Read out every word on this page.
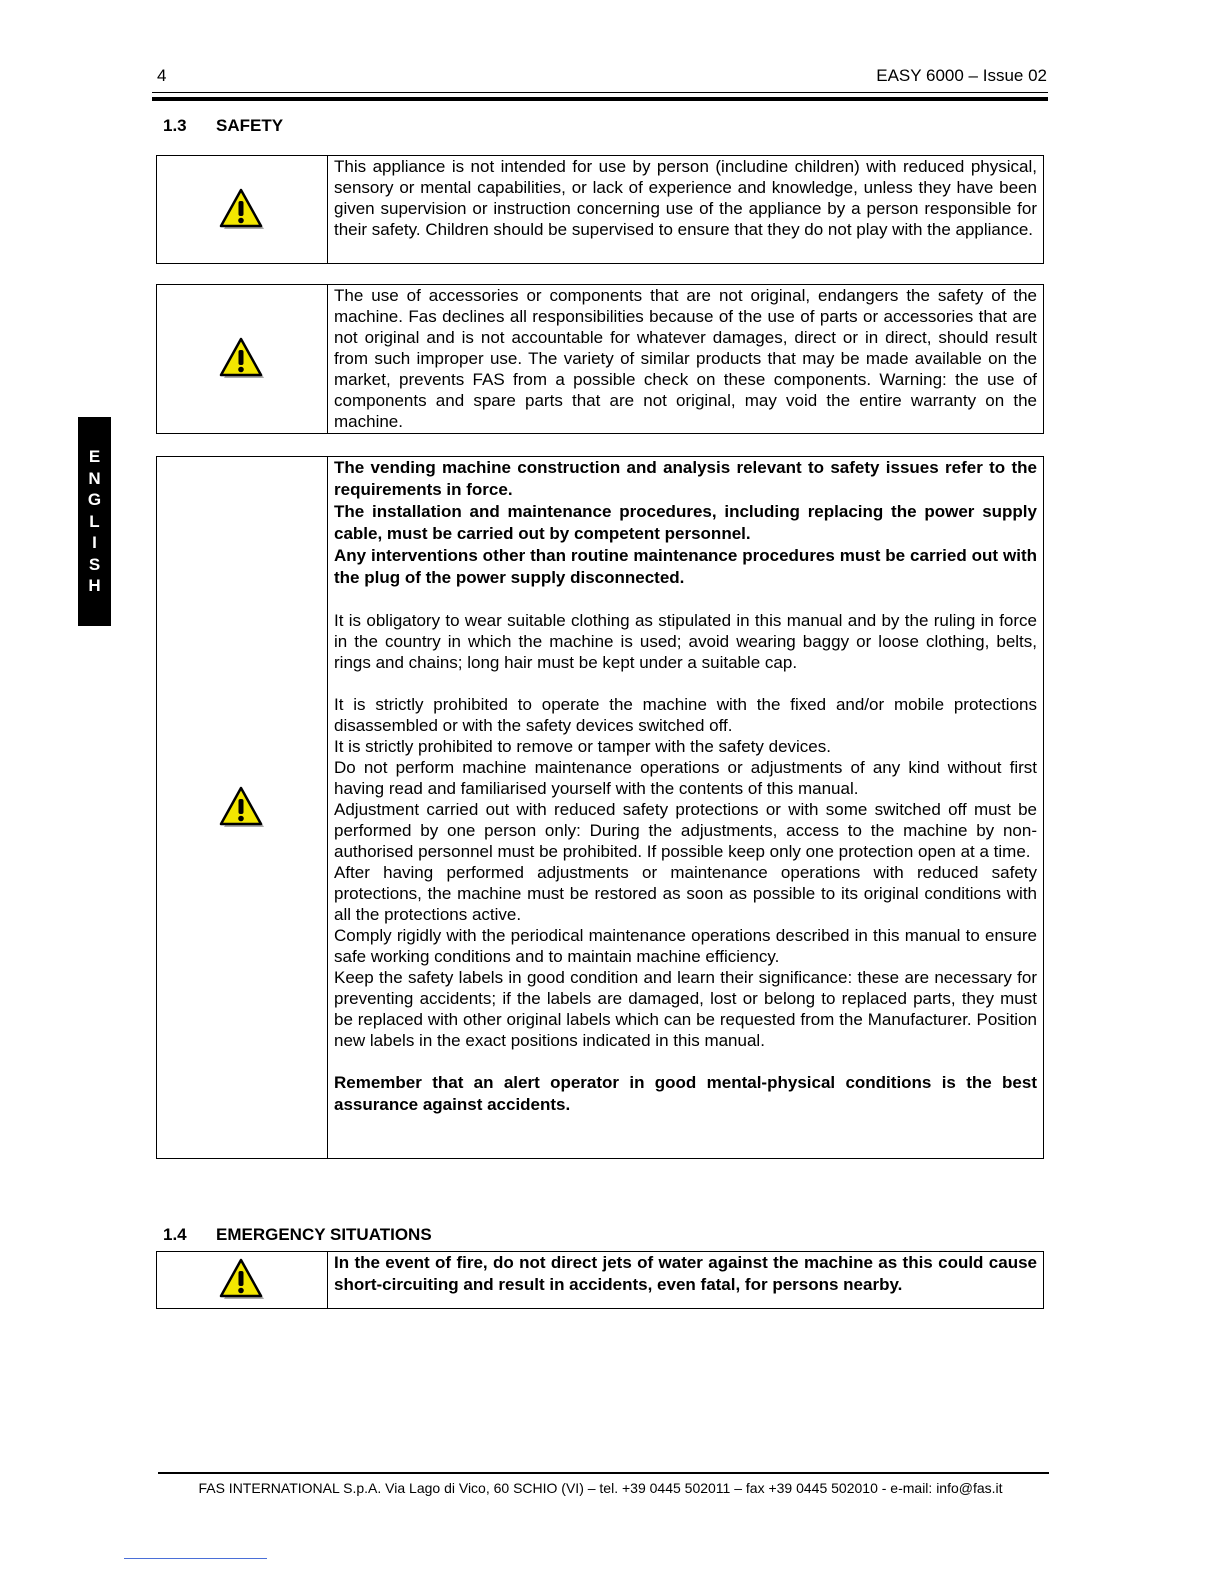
4	EASY 6000 – Issue 02
E
N
G
L
I
S
H
1.3 SAFETY

This appliance is not intended for use by person (includine children) with reduced physical, sensory or mental capabilities, or lack of experience and knowledge, unless they have been given supervision or instruction concerning use of the appliance by a person responsible for their safety. Children should be supervised to ensure that they do not play with the appliance.

The use of accessories or components that are not original, endangers the safety of the machine. Fas declines all responsibilities because of the use of parts or accessories that are not original and is not accountable for whatever damages, direct or in direct, should result from such improper use. The variety of similar products that may be made available on the market, prevents FAS from a possible check on these components. Warning: the use of components and spare parts that are not original, may void the entire warranty on the machine.

The vending machine construction and analysis relevant to safety issues refer to the requirements in force.

The installation and maintenance procedures, including replacing the power supply cable, must be carried out by competent personnel.

Any interventions other than routine maintenance procedures must be carried out with the plug of the power supply disconnected.

It is obligatory to wear suitable clothing as stipulated in this manual and by the ruling in force in the country in which the machine is used; avoid wearing baggy or loose clothing, belts, rings and chains; long hair must be kept under a suitable cap.

It is strictly prohibited to operate the machine with the fixed and/or mobile protections disassembled or with the safety devices switched off.

It is strictly prohibited to remove or tamper with the safety devices.

Do not perform machine maintenance operations or adjustments of any kind without first having read and familiarised yourself with the contents of this manual.

Adjustment carried out with reduced safety protections or with some switched off must be performed by one person only: During the adjustments, access to the machine by non-authorised personnel must be prohibited. If possible keep only one protection open at a time.

After having performed adjustments or maintenance operations with reduced safety protections, the machine must be restored as soon as possible to its original conditions with all the protections active.

Comply rigidly with the periodical maintenance operations described in this manual to ensure safe working conditions and to maintain machine efficiency.

Keep the safety labels in good condition and learn their significance: these are necessary for preventing accidents; if the labels are damaged, lost or belong to replaced parts, they must be replaced with other original labels which can be requested from the Manufacturer. Position new labels in the exact positions indicated in this manual.

Remember that an alert operator in good mental-physical conditions is the best assurance against accidents.

1.4 EMERGENCY SITUATIONS

In the event of fire, do not direct jets of water against the machine as this could cause short-circuiting and result in accidents, even fatal, for persons nearby.

FAS INTERNATIONAL S.p.A. Via Lago di Vico, 60 SCHIO (VI) – tel. +39 0445 502011 – fax +39 0445 502010 - e-mail: info@fas.it
